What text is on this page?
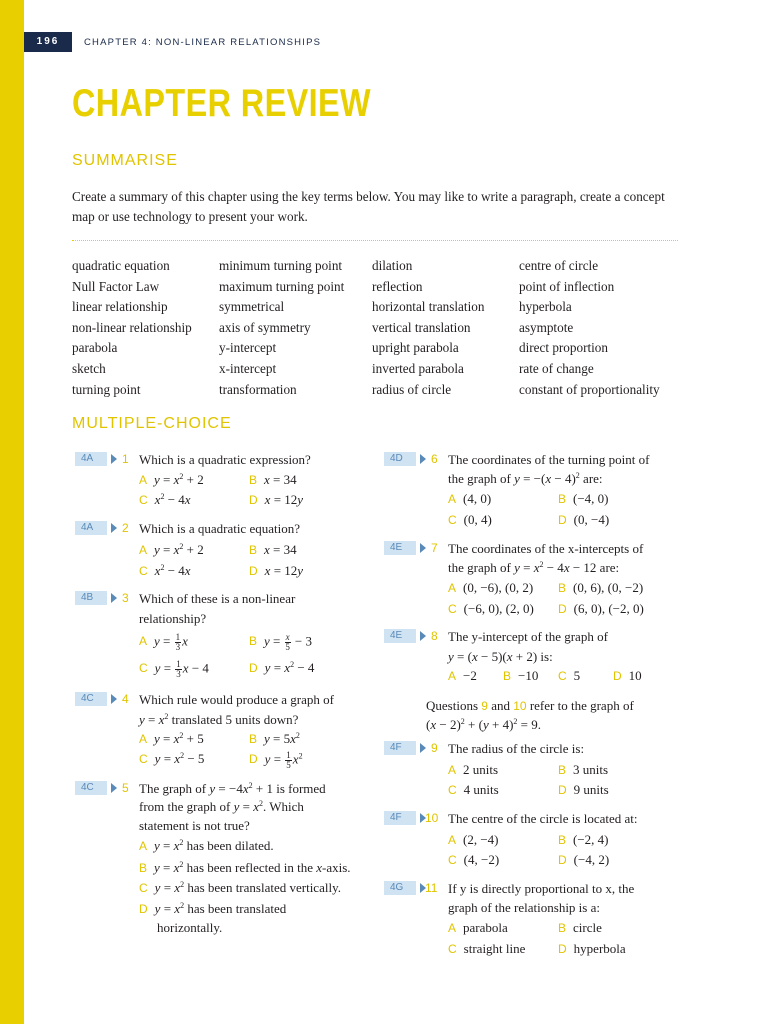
196	CHAPTER 4: NON-LINEAR RELATIONSHIPS
CHAPTER REVIEW
SUMMARISE
Create a summary of this chapter using the key terms below. You may like to write a paragraph, create a concept map or use technology to present your work.
quadratic equation
Null Factor Law
linear relationship
non-linear relationship
parabola
sketch
turning point
minimum turning point
maximum turning point
symmetrical
axis of symmetry
y-intercept
x-intercept
transformation
dilation
reflection
horizontal translation
vertical translation
upright parabola
inverted parabola
radius of circle
centre of circle
point of inflection
hyperbola
asymptote
direct proportion
rate of change
constant of proportionality
MULTIPLE-CHOICE
4A	1 Which is a quadratic expression?
A $y = x^2 + 2$	B x = 34
C $x^2 - 4x$	D x = 12y
4A	2 Which is a quadratic equation?
A $y = x^2 + 2$	B x = 34
C $x^2 - 4x$	D x = 12y
4B	3 Which of these is a non-linear
relationship?
A $y = \frac{1}{3}$ x	B $y = \frac{x}{5} - 3$
C $y = \frac{1}{3}$ x − 4	D $y = x^2 - 4$
4C	4 Which rule would produce a graph of
$y = x^2$ translated 5 units down?
A $y = x^2 + 5$	B $y = 5x^2$
C $y = x^2 - 5$	D $y = \frac{1}{5} x^2$
4C	5 The graph of $y = -4x^2 + 1$ is formed
from the graph of $y = x^2$. Which
statement is not true?
A $y = x^2$ has been dilated.
B $y = x^2$ has been reflected in the x-axis.
C $y = x^2$ has been translated vertically.
D $y = x^2$ has been translated
horizontally.
4D	6 The coordinates of the turning point of
the graph of $y = -(x - 4)^2$ are:
A (4, 0)	B (−4, 0)
C (0, 4)	D (0, −4)
4E	7 The coordinates of the x-intercepts of
the graph of $y = x^2 - 4x - 12$ are:
A (0, −6), (0, 2) B (0, 6), (0, −2)
C (−6, 0), (2, 0) D (6, 0), (−2, 0)
4E	8 The y-intercept of the graph of
y = (x − 5)(x + 2) is:
A −2 B −10 C 5	D 10
Questions 9 and 10 refer to the graph of
$(x - 2)^2 + (y + 4)^2 = 9$.
4F	9 The radius of the circle is:
A 2 units	B 3 units
C 4 units	D 9 units
4F	10 The centre of the circle is located at:
A (2, −4)	B (−2, 4)
C (4, −2)	D (−4, 2)
4G	11 If y is directly proportional to x, the
graph of the relationship is a:
A parabola	B circle
C straight line	D hyperbola
